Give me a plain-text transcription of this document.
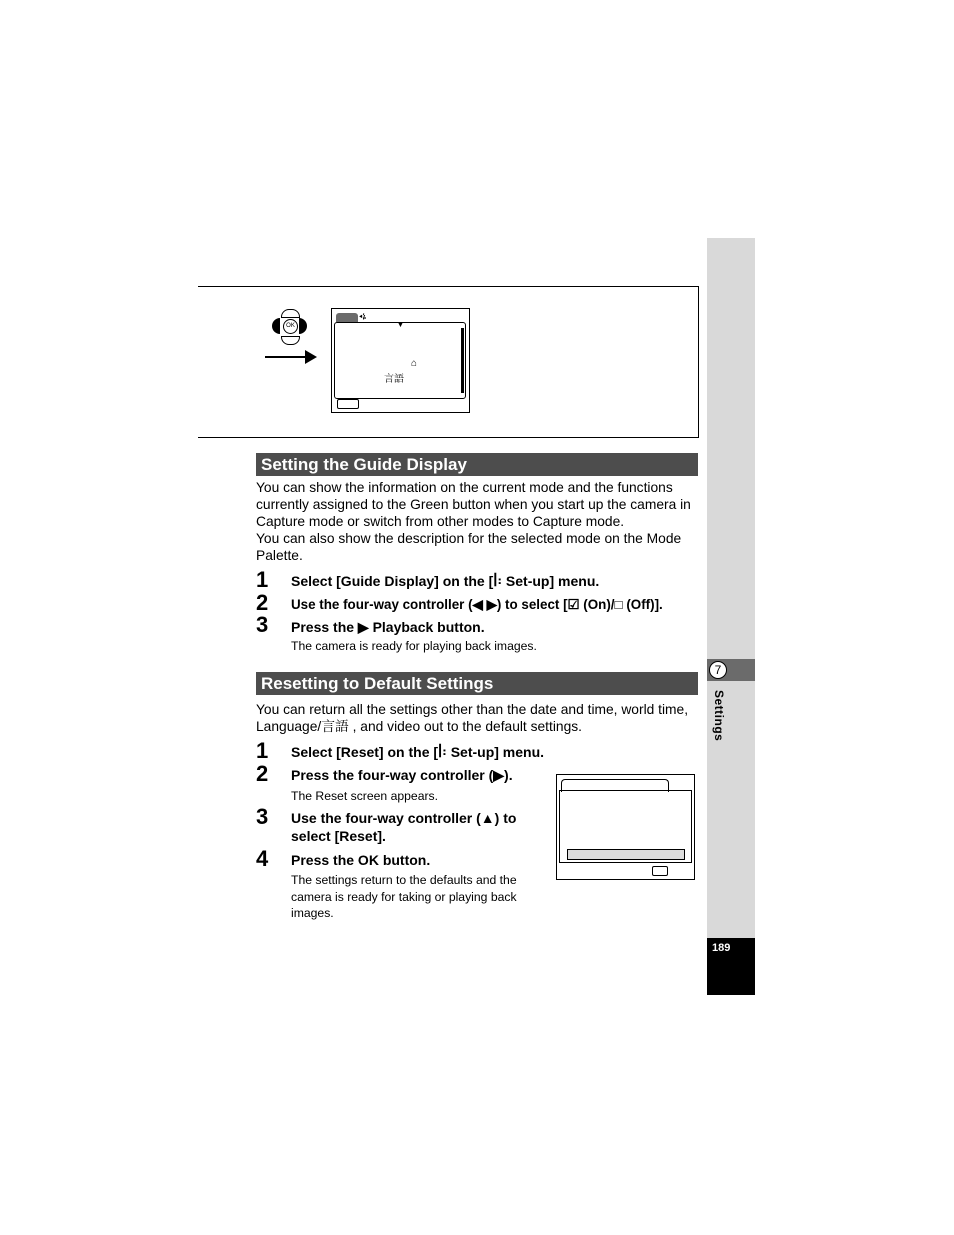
7
Settings
189
OK
◂ኔ
▼
⌂
言語
Setting the Guide Display
You can show the information on the current mode and the functions currently assigned to the Green button when you start up the camera in Capture mode or switch from other modes to Capture mode.
You can also show the description for the selected mode on the Mode Palette.
1 Select [Guide Display] on the [ꟾ꞉ Set-up] menu.
2 Use the four-way controller (◀ ▶) to select [☑ (On)/□ (Off)].
3 Press the ▶ Playback button.
The camera is ready for playing back images.
Resetting to Default Settings
You can return all the settings other than the date and time, world time, Language/言語 , and video out to the default settings.
1 Select [Reset] on the [ꟾ꞉ Set-up] menu.
2 Press the four-way controller (▶).
The Reset screen appears.
3 Use the four-way controller (▲) to select [Reset].
4 Press the OK button.
The settings return to the defaults and the camera is ready for taking or playing back images.
